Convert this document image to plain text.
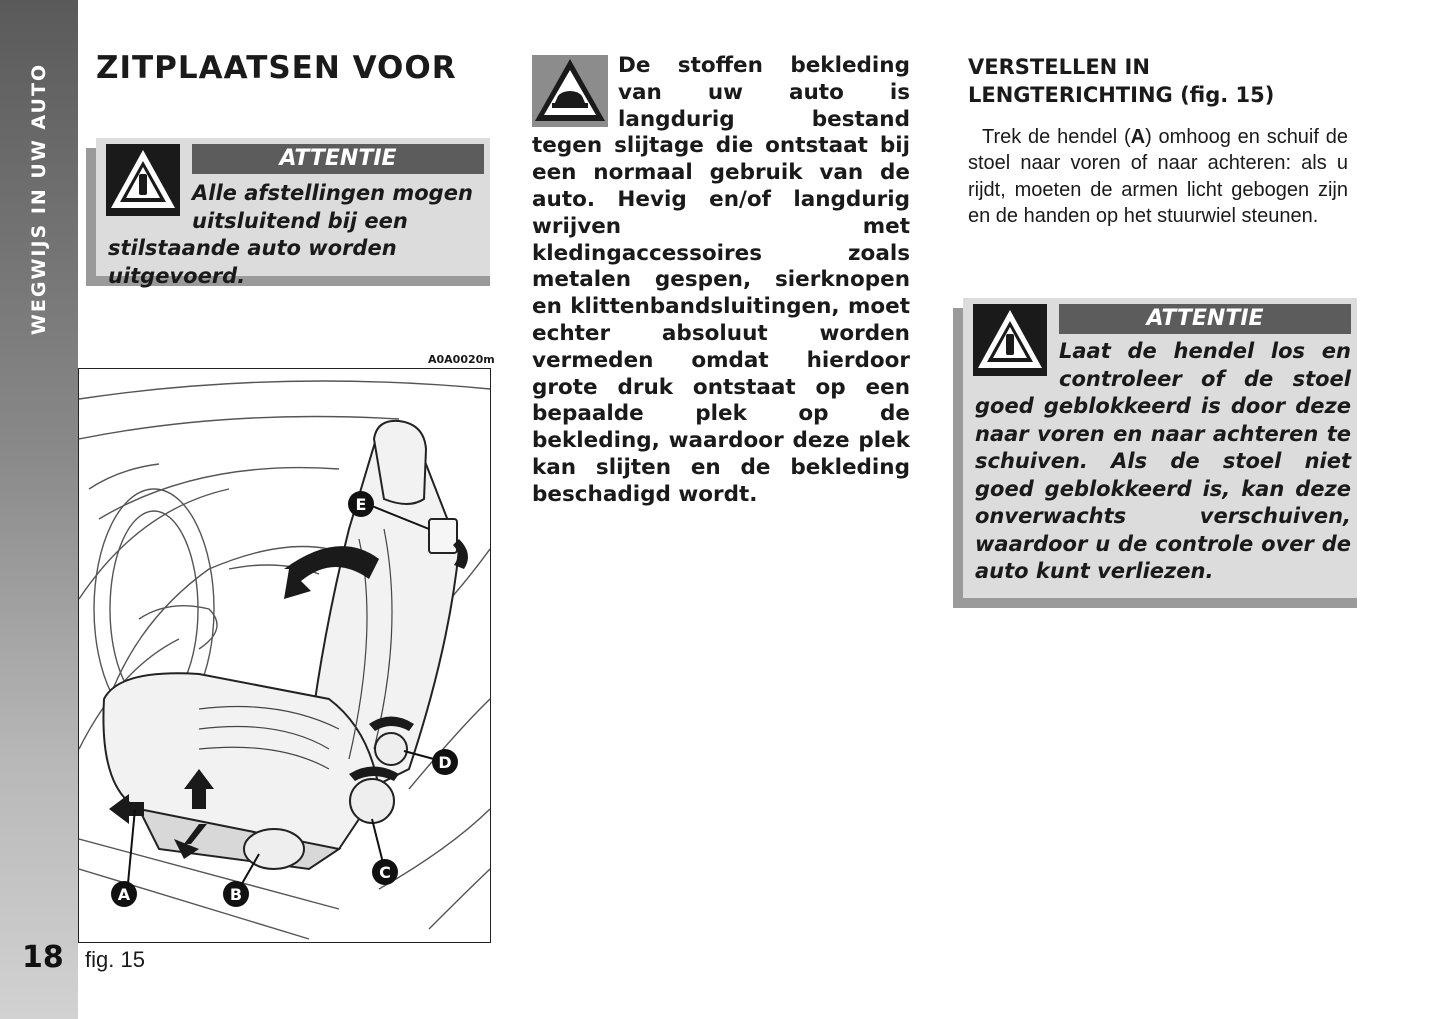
WEGWIJS IN UW AUTO
18 fig. 15
ZITPLAATSEN VOOR
ATTENTIE
Alle afstellingen mogen uitsluitend bij een stilstaande auto worden uitgevoerd.
A0A0020m
A	B
C
D
E
De stoffen bekleding van uw auto is langdurig bestand tegen slijtage die ontstaat bij een normaal gebruik van de auto. Hevig en/of langdurig wrijven met kledingaccessoires zoals metalen gespen, sierknopen en klittenbandsluitingen, moet echter absoluut worden vermeden omdat hierdoor grote druk ontstaat op een bepaalde plek op de bekleding, waardoor deze plek kan slijten en de bekleding beschadigd wordt.
VERSTELLEN IN LENGTERICHTING (fig. 15)

Trek de hendel (A) omhoog en schuif de stoel naar voren of naar achteren: als u rijdt, moeten de armen licht gebogen zijn en de handen op het stuurwiel steunen.

ATTENTIE
Laat de hendel los en controleer of de stoel goed geblokkeerd is door deze naar voren en naar achteren te schuiven. Als de stoel niet goed geblokkeerd is, kan deze onverwachts verschuiven, waardoor u de controle over de auto kunt verliezen.
